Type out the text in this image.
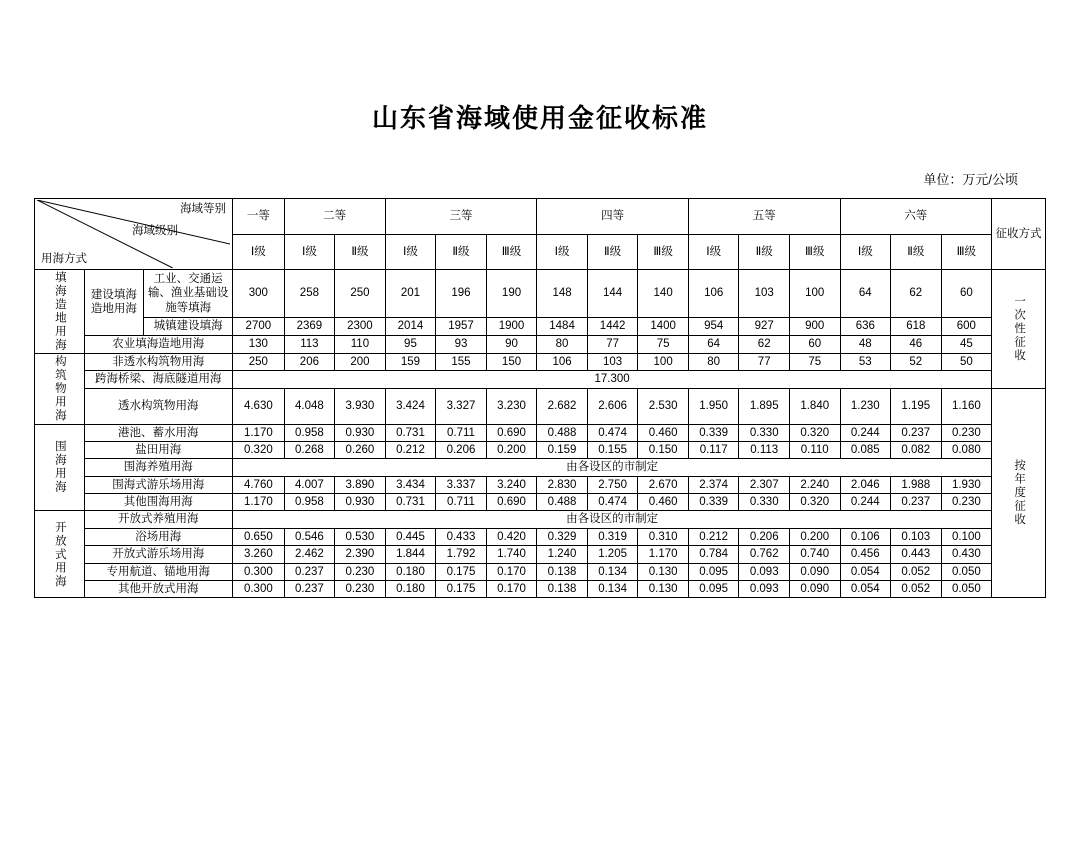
山东省海域使用金征收标准
单位：万元/公顷
海域等别
海域级别
用海方式			一等	二等		三等			四等			五等			六等			征收方式

			Ⅰ级	Ⅰ级	Ⅱ级	Ⅰ级	Ⅱ级	Ⅲ级	Ⅰ级	Ⅱ级	Ⅲ级	Ⅰ级	Ⅱ级	Ⅲ级	Ⅰ级	Ⅱ级	Ⅲ级	

填海造地用海	建设填海造地用海	工业、交通运输、渔业基础设施等填海	300	258	250	201	196	190	148	144	140	106	103	100	64	62	60	一次性征收

		城镇建设填海	2700	2369	2300	2014	1957	1900	1484	1442	1400	954	927	900	636	618	600	
	农业填海造地用海		130	113	110	95	93	90	80	77	75	64	62	60	48	46	45	

构筑物用海	非透水构筑物用海		250	206	200	159	155	150	106	103	100	80	77	75	53	52	50	
	跨海桥梁、海底隧道用海		17.300															
	透水构筑物用海		4.630	4.048	3.930	3.424	3.327	3.230	2.682	2.606	2.530	1.950	1.895	1.840	1.230	1.195	1.160	按年度征收

围海用海	港池、蓄水用海		1.170	0.958	0.930	0.731	0.711	0.690	0.488	0.474	0.460	0.339	0.330	0.320	0.244	0.237	0.230	
	盐田用海		0.320	0.268	0.260	0.212	0.206	0.200	0.159	0.155	0.150	0.117	0.113	0.110	0.085	0.082	0.080	
	围海养殖用海		由各设区的市制定															
	围海式游乐场用海		4.760	4.007	3.890	3.434	3.337	3.240	2.830	2.750	2.670	2.374	2.307	2.240	2.046	1.988	1.930	
	其他围海用海		1.170	0.958	0.930	0.731	0.711	0.690	0.488	0.474	0.460	0.339	0.330	0.320	0.244	0.237	0.230	

开放式用海	开放式养殖用海		由各设区的市制定															
	浴场用海		0.650	0.546	0.530	0.445	0.433	0.420	0.329	0.319	0.310	0.212	0.206	0.200	0.106	0.103	0.100	
	开放式游乐场用海		3.260	2.462	2.390	1.844	1.792	1.740	1.240	1.205	1.170	0.784	0.762	0.740	0.456	0.443	0.430	
	专用航道、锚地用海		0.300	0.237	0.230	0.180	0.175	0.170	0.138	0.134	0.130	0.095	0.093	0.090	0.054	0.052	0.050	
	其他开放式用海		0.300	0.237	0.230	0.180	0.175	0.170	0.138	0.134	0.130	0.095	0.093	0.090	0.054	0.052	0.050	
